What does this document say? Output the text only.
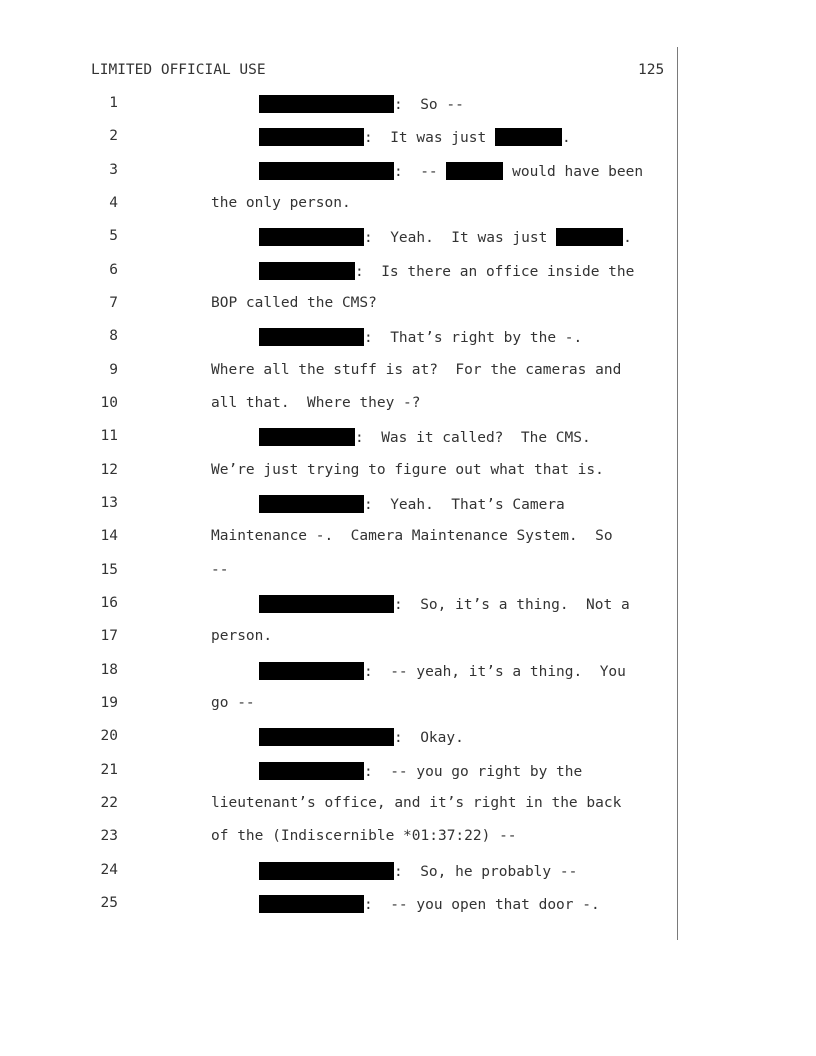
LIMITED OFFICIAL USE	125
1
2
3
4
5
6
7
8
9
10
11
12
13
14
15
16
17
18
19
20
21
22
23
24
25
:  So --
:  It was just	.
:  --	would have been
the only person.
:  Yeah.  It was just	.
:  Is there an office inside the
BOP called the CMS?
:  That’s right by the -.
Where all the stuff is at?  For the cameras and
all that.  Where they -?
:  Was it called?  The CMS.
We’re just trying to figure out what that is.
:  Yeah.  That’s Camera
Maintenance -.  Camera Maintenance System.  So
--
:  So, it’s a thing.  Not a
person.
:  -- yeah, it’s a thing.  You
go --
:  Okay.
:  -- you go right by the
lieutenant’s office, and it’s right in the back
of the (Indiscernible *01:37:22) --
:  So, he probably --
:  -- you open that door -.
